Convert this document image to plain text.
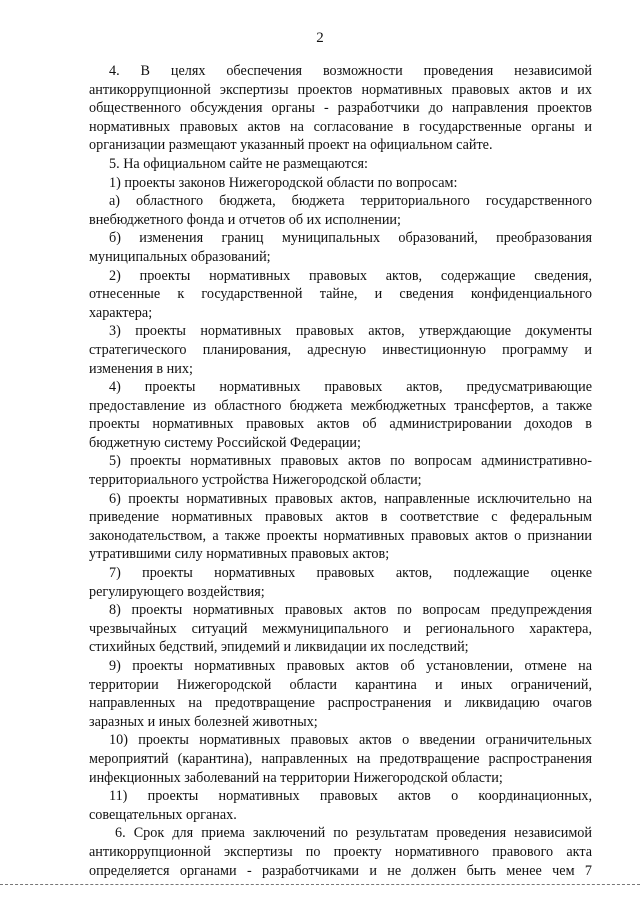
2

4. В целях обеспечения возможности проведения независимой

антикоррупционной экспертизы проектов нормативных правовых актов и их

общественного обсуждения органы - разработчики до направления проектов

нормативных правовых актов на согласование в государственные органы и

организации размещают указанный проект на официальном сайте.

5. На официальном сайте не размещаются:

1) проекты законов Нижегородской области по вопросам:

а) областного бюджета, бюджета территориального государственного

внебюджетного фонда и отчетов об их исполнении;

б) изменения границ муниципальных образований, преобразования

муниципальных образований;

2) проекты нормативных правовых актов, содержащие сведения,

отнесенные к государственной тайне, и сведения конфиденциального

характера;

3) проекты нормативных правовых актов, утверждающие документы

стратегического планирования, адресную инвестиционную программу и

изменения в них;

4) проекты нормативных правовых актов, предусматривающие

предоставление из областного бюджета межбюджетных трансфертов, а также

проекты нормативных правовых актов об администрировании доходов в

бюджетную систему Российской Федерации;

5) проекты нормативных правовых актов по вопросам административно-

территориального устройства Нижегородской области;

6) проекты нормативных правовых актов, направленные исключительно на

приведение нормативных правовых актов в соответствие с федеральным

законодательством, а также проекты нормативных правовых актов о признании

утратившими силу нормативных правовых актов;

7) проекты нормативных правовых актов, подлежащие оценке

регулирующего воздействия;

8) проекты нормативных правовых актов по вопросам предупреждения

чрезвычайных ситуаций межмуниципального и регионального характера,

стихийных бедствий, эпидемий и ликвидации их последствий;

9) проекты нормативных правовых актов об установлении, отмене на

территории Нижегородской области карантина и иных ограничений,

направленных на предотвращение распространения и ликвидацию очагов

заразных и иных болезней животных;

10) проекты нормативных правовых актов о введении ограничительных

мероприятий (карантина), направленных на предотвращение распространения

инфекционных заболеваний на территории Нижегородской области;

11) проекты нормативных правовых актов о координационных,

совещательных органах.

6. Срок для приема заключений по результатам проведения независимой

антикоррупционной экспертизы по проекту нормативного правового акта

определяется органами - разработчиками и не должен быть менее чем 7
